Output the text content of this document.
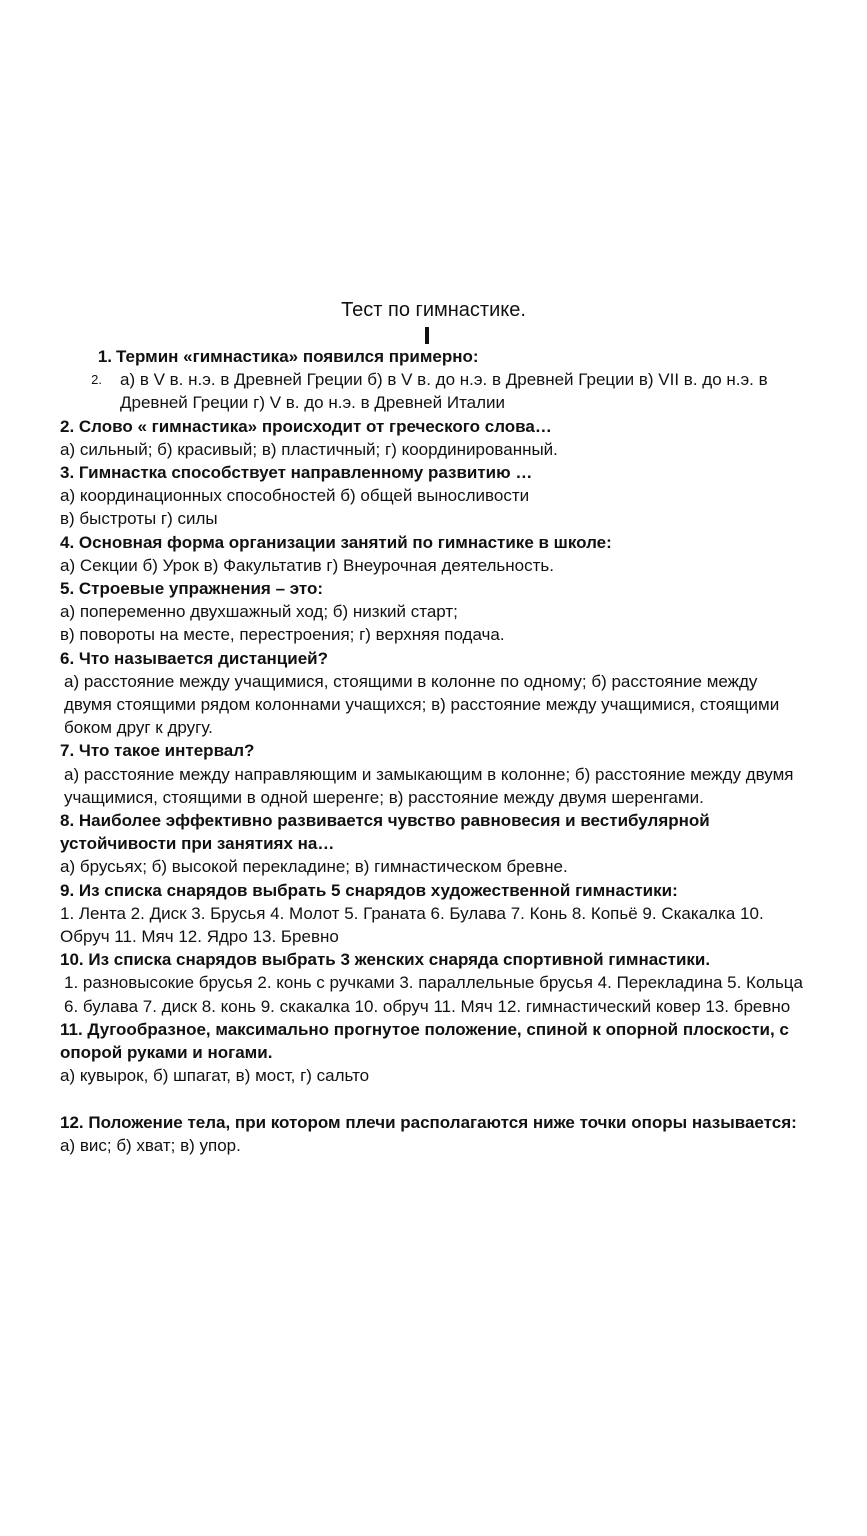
Тест по гимнастике.
1. Термин «гимнастика» появился примерно:
2.	а) в V в. н.э. в Древней Греции б) в V в. до н.э. в Древней Греции в) VII в. до н.э. в Древней Греции г) V в. до н.э. в Древней Италии

2. Слово « гимнастика» происходит от греческого слова…

а) сильный; б) красивый; в) пластичный; г) координированный.

3. Гимнастка способствует направленному развитию …

а) координационных способностей б) общей выносливости

в) быстроты г) силы

4. Основная форма организации занятий по гимнастике в школе:

а) Секции б) Урок в) Факультатив г) Внеурочная деятельность.

5. Строевые упражнения – это:

а) попеременно двухшажный ход; б) низкий старт;

в) повороты на месте, перестроения; г) верхняя подача.

6. Что называется дистанцией?

а) расстояние между учащимися, стоящими в колонне по одному; б) расстояние между двумя стоящими рядом колоннами учащихся; в) расстояние между учащимися, стоящими боком друг к другу.

7. Что такое интервал?

а) расстояние между направляющим и замыкающим в колонне; б) расстояние между двумя учащимися, стоящими в одной шеренге; в) расстояние между двумя шеренгами.

8. Наиболее эффективно развивается чувство равновесия и вестибулярной устойчивости при занятиях на…

а) брусьях; б) высокой перекладине; в) гимнастическом бревне.

9. Из списка снарядов выбрать 5 снарядов художественной гимнастики:

1. Лента 2. Диск 3. Брусья 4. Молот 5. Граната 6. Булава 7. Конь 8. Копьё 9. Скакалка 10. Обруч 11. Мяч 12. Ядро 13. Бревно

10. Из списка снарядов выбрать 3 женских снаряда спортивной гимнастики.

1. разновысокие брусья 2. конь с ручками 3. параллельные брусья 4. Перекладина 5. Кольца 6. булава 7. диск 8. конь 9. скакалка 10. обруч 11. Мяч 12. гимнастический ковер 13. бревно

11. Дугообразное, максимально прогнутое положение, спиной к опорной плоскости, с опорой руками и ногами.

а) кувырок, б) шпагат, в) мост, г) сальто

12. Положение тела, при котором плечи располагаются ниже точки опоры называется:

а) вис; б) хват; в) упор.
